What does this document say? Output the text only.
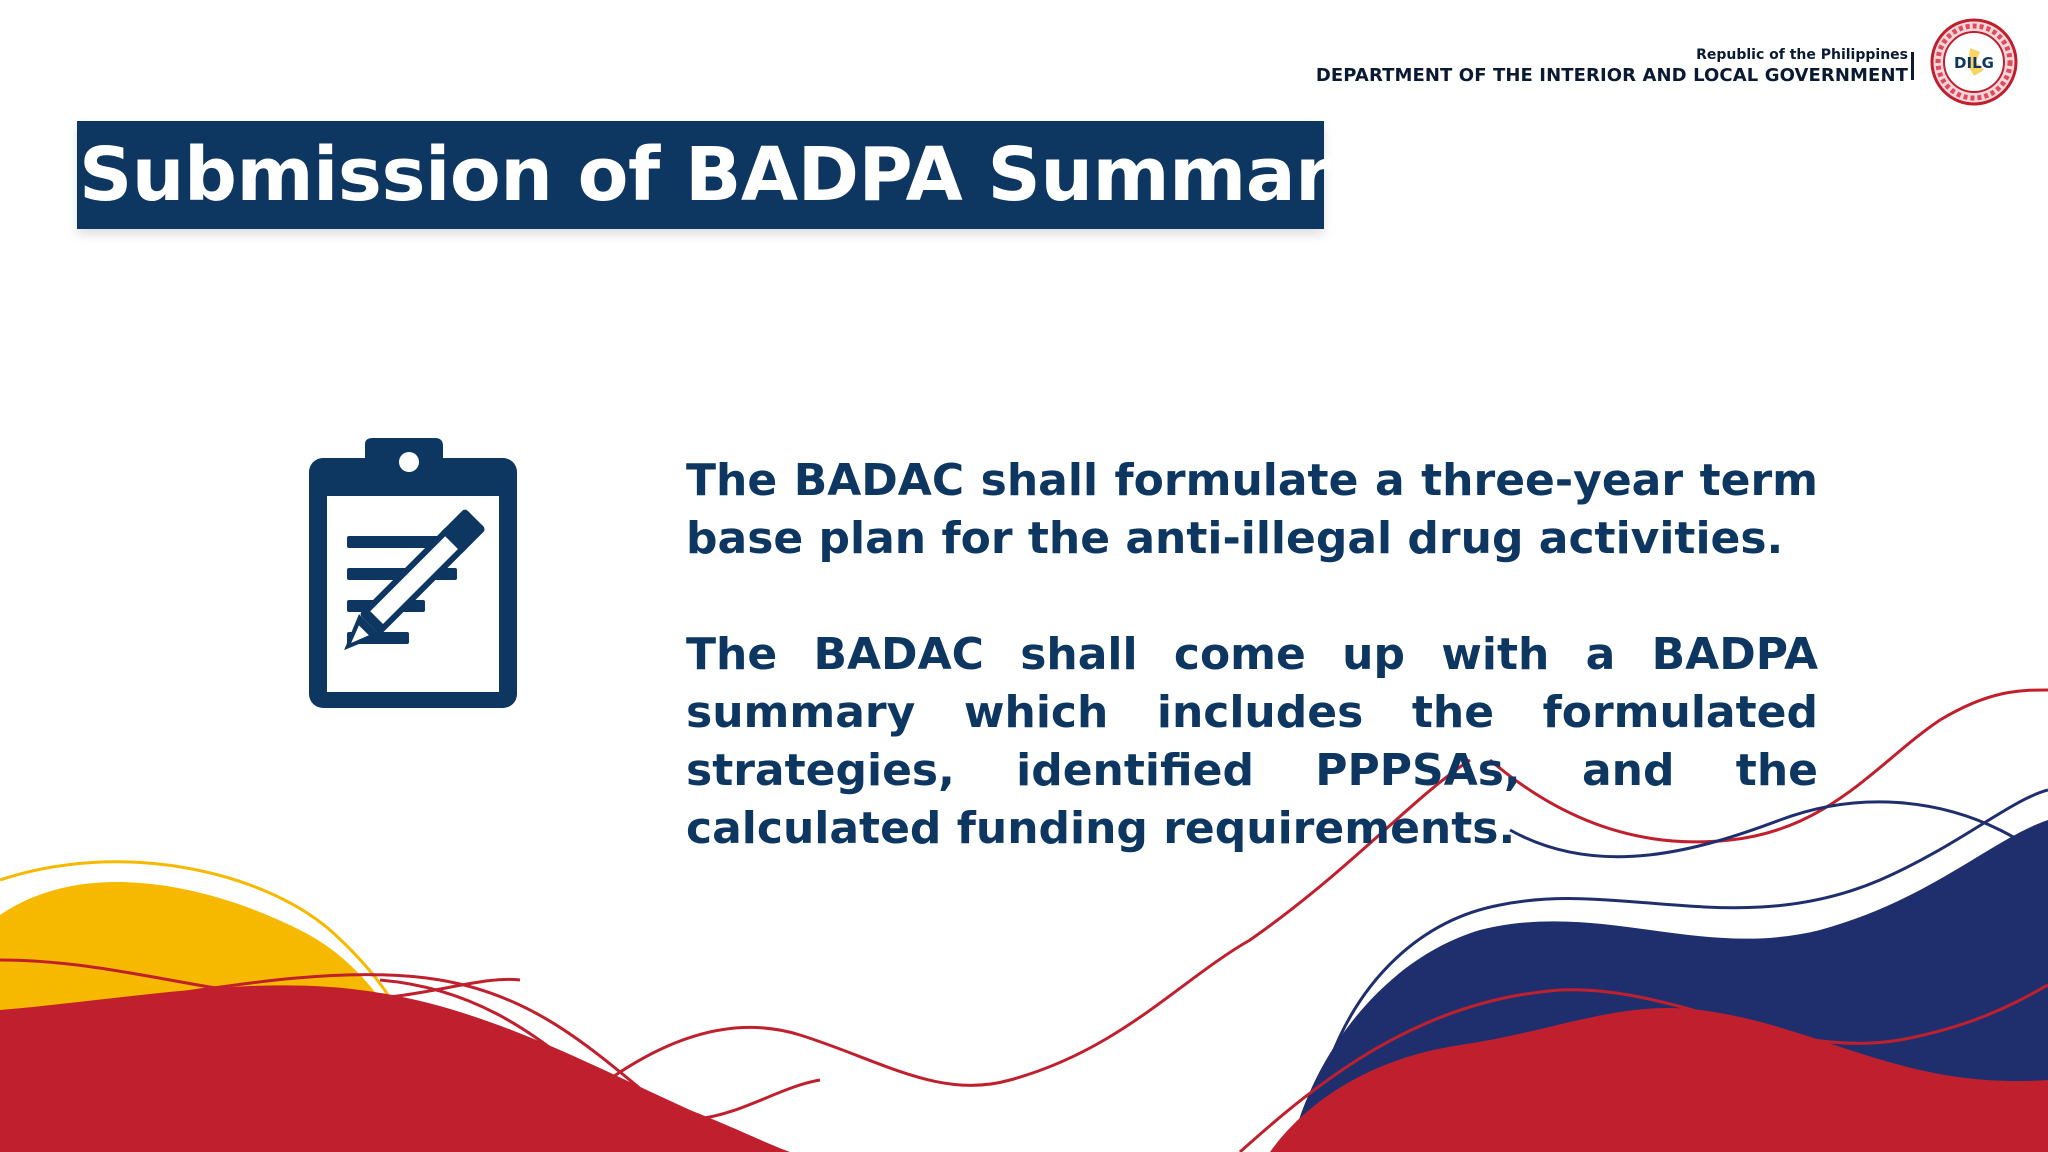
Republic of the Philippines
DEPARTMENT OF THE INTERIOR AND LOCAL GOVERNMENT
DILG
Submission of BADPA Summary

The BADAC shall formulate a three-year term base plan for the anti-illegal drug activities.

The BADAC shall come up with a BADPA summary which includes the formulated strategies, identified PPPSAs, and the calculated funding requirements.
